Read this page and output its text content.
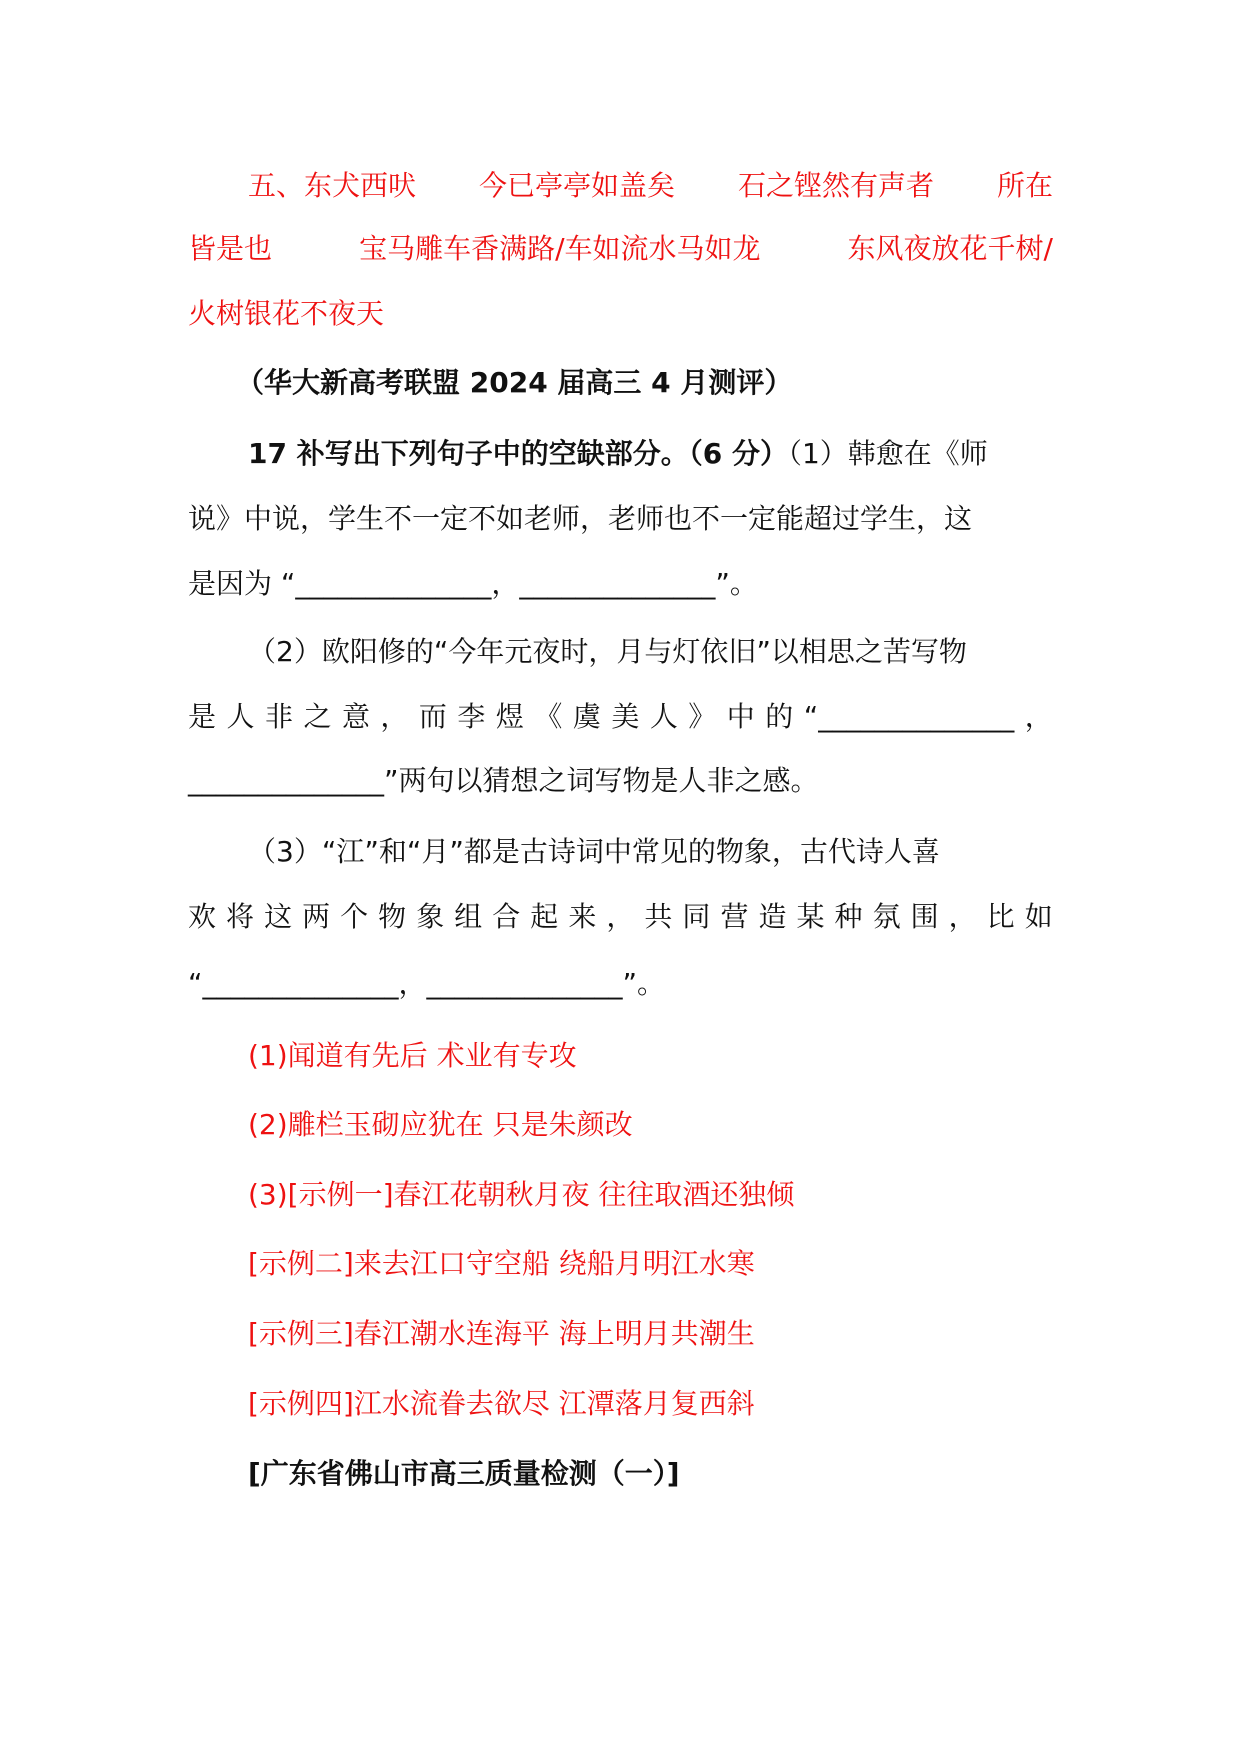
五、东犬西吠 今已亭亭如盖矣 石之铿然有声者 所在
皆是也	宝马雕车香满路/车如流水马如龙	东风夜放花千树/
火树银花不夜天
（华大新高考联盟 2024 届高三 4 月测评）
17 补写出下列句子中的空缺部分。（6 分）（1）韩愈在《师
说》中说，学生不一定不如老师，老师也不一定能超过学生，这
是因为 “______________，______________”。
（2）欧阳修的“今年元夜时，月与灯依旧”以相思之苦写物
是 人 非 之 意 ， 而 李 煜 《 虞 美 人 》 中 的 “______________ ，
______________”两句以猜想之词写物是人非之感。
（3）“江”和“月”都是古诗词中常见的物象，古代诗人喜
欢 将 这 两 个 物 象 组 合 起 来 ， 共 同 营 造 某 种 氛 围 ， 比 如
“______________，______________”。
(1)闻道有先后 术业有专攻
(2)雕栏玉砌应犹在 只是朱颜改
(3)[示例一]春江花朝秋月夜 往往取酒还独倾
[示例二]来去江口守空船 绕船月明江水寒
[示例三]春江潮水连海平 海上明月共潮生
[示例四]江水流眷去欲尽 江潭落月复西斜
[广东省佛山市高三质量检测（一）]
